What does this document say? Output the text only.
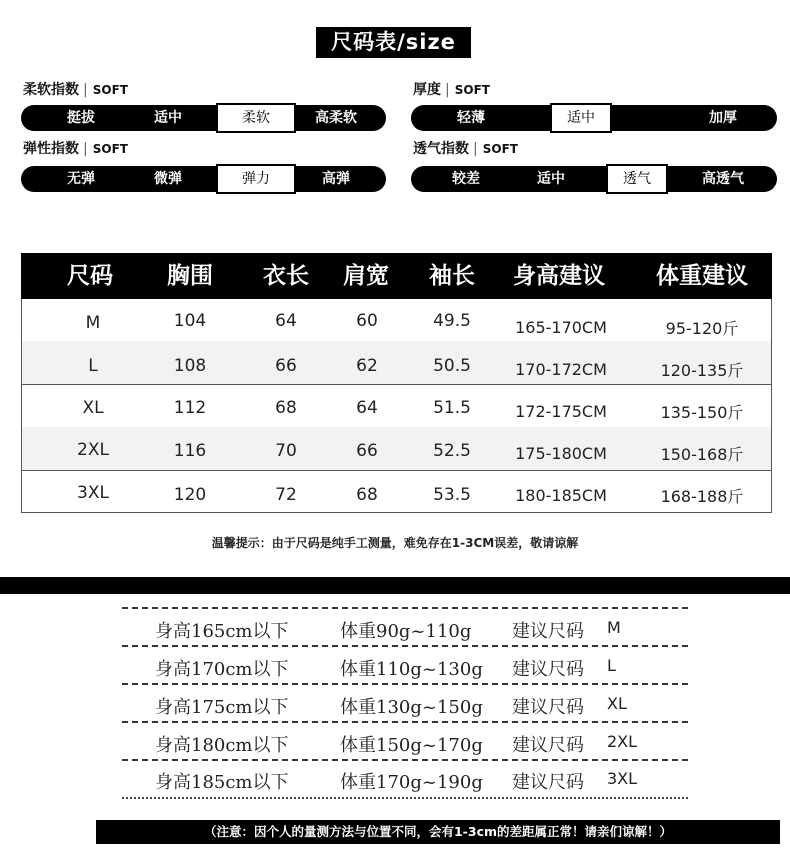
尺码表/size
柔软指数 | SOFT
挺拔	适中	柔软	高柔软
厚度 | SOFT
轻薄	适中	加厚
弹性指数 | SOFT
无弹	微弹	弹力	高弹
透气指数 | SOFT
较差	适中	透气	高透气
尺码	胸围	衣长	肩宽	袖长	身高建议	体重建议
M	104	64	60	49.5	165-170CM	95-120斤
L	108	66	62	50.5	170-172CM	120-135斤
XL	112	68	64	51.5	172-175CM	135-150斤
2XL	116	70	66	52.5	175-180CM	150-168斤
3XL	120	72	68	53.5	180-185CM	168-188斤
温馨提示：由于尺码是纯手工测量，难免存在1-3CM误差，敬请谅解
身高165cm以下	体重90g~110g 建议尺码 M
身高170cm以下	体重110g~130g 建议尺码 L
身高175cm以下	体重130g~150g 建议尺码 XL
身高180cm以下	体重150g~170g 建议尺码 2XL
身高185cm以下	体重170g~190g 建议尺码 3XL
（注意：因个人的量测方法与位置不同，会有1-3cm的差距属正常！请亲们谅解！）
